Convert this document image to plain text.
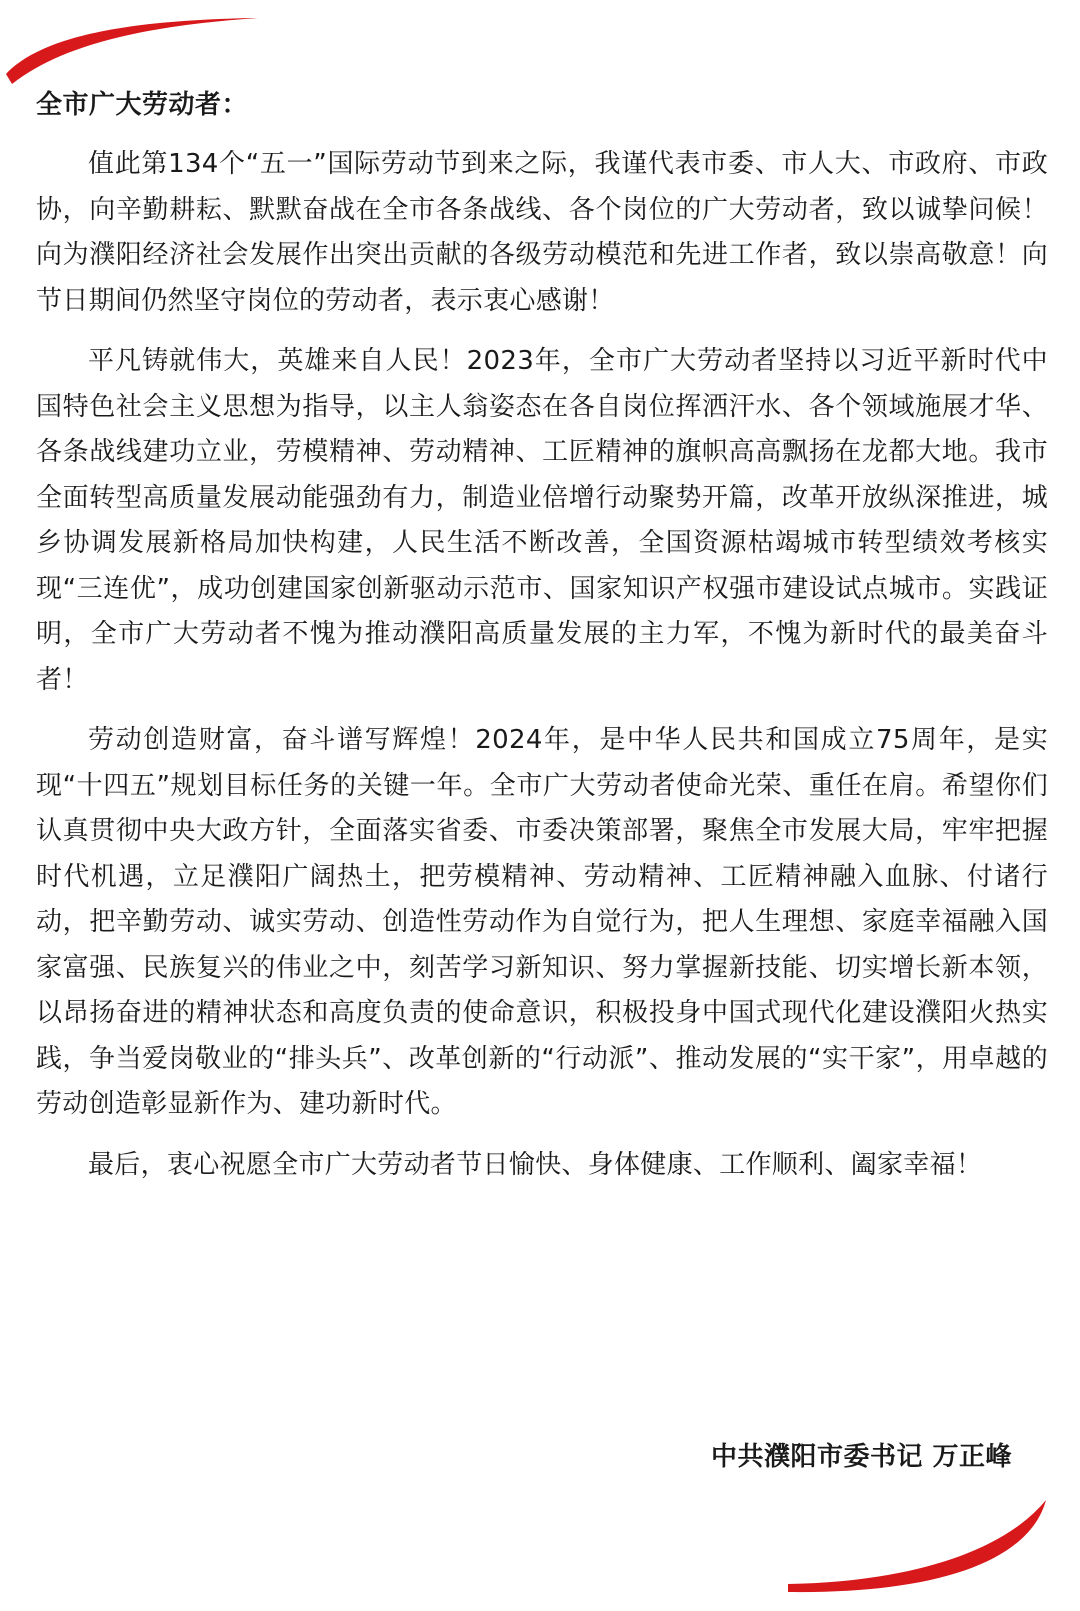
全市广大劳动者：

值此第134个“五一”国际劳动节到来之际，我谨代表市委、市人大、市政府、市政协，向辛勤耕耘、默默奋战在全市各条战线、各个岗位的广大劳动者，致以诚挚问候！向为濮阳经济社会发展作出突出贡献的各级劳动模范和先进工作者，致以崇高敬意！向节日期间仍然坚守岗位的劳动者，表示衷心感谢！

平凡铸就伟大，英雄来自人民！2023年，全市广大劳动者坚持以习近平新时代中国特色社会主义思想为指导，以主人翁姿态在各自岗位挥洒汗水、各个领域施展才华、各条战线建功立业，劳模精神、劳动精神、工匠精神的旗帜高高飘扬在龙都大地。我市全面转型高质量发展动能强劲有力，制造业倍增行动聚势开篇，改革开放纵深推进，城乡协调发展新格局加快构建，人民生活不断改善，全国资源枯竭城市转型绩效考核实现“三连优”，成功创建国家创新驱动示范市、国家知识产权强市建设试点城市。实践证明，全市广大劳动者不愧为推动濮阳高质量发展的主力军，不愧为新时代的最美奋斗者！

劳动创造财富，奋斗谱写辉煌！2024年，是中华人民共和国成立75周年，是实现“十四五”规划目标任务的关键一年。全市广大劳动者使命光荣、重任在肩。希望你们认真贯彻中央大政方针，全面落实省委、市委决策部署，聚焦全市发展大局，牢牢把握时代机遇，立足濮阳广阔热土，把劳模精神、劳动精神、工匠精神融入血脉、付诸行动，把辛勤劳动、诚实劳动、创造性劳动作为自觉行为，把人生理想、家庭幸福融入国家富强、民族复兴的伟业之中，刻苦学习新知识、努力掌握新技能、切实增长新本领，以昂扬奋进的精神状态和高度负责的使命意识，积极投身中国式现代化建设濮阳火热实践，争当爱岗敬业的“排头兵”、改革创新的“行动派”、推动发展的“实干家”，用卓越的劳动创造彰显新作为、建功新时代。

最后，衷心祝愿全市广大劳动者节日愉快、身体健康、工作顺利、阖家幸福！

中共濮阳市委书记 万正峰
